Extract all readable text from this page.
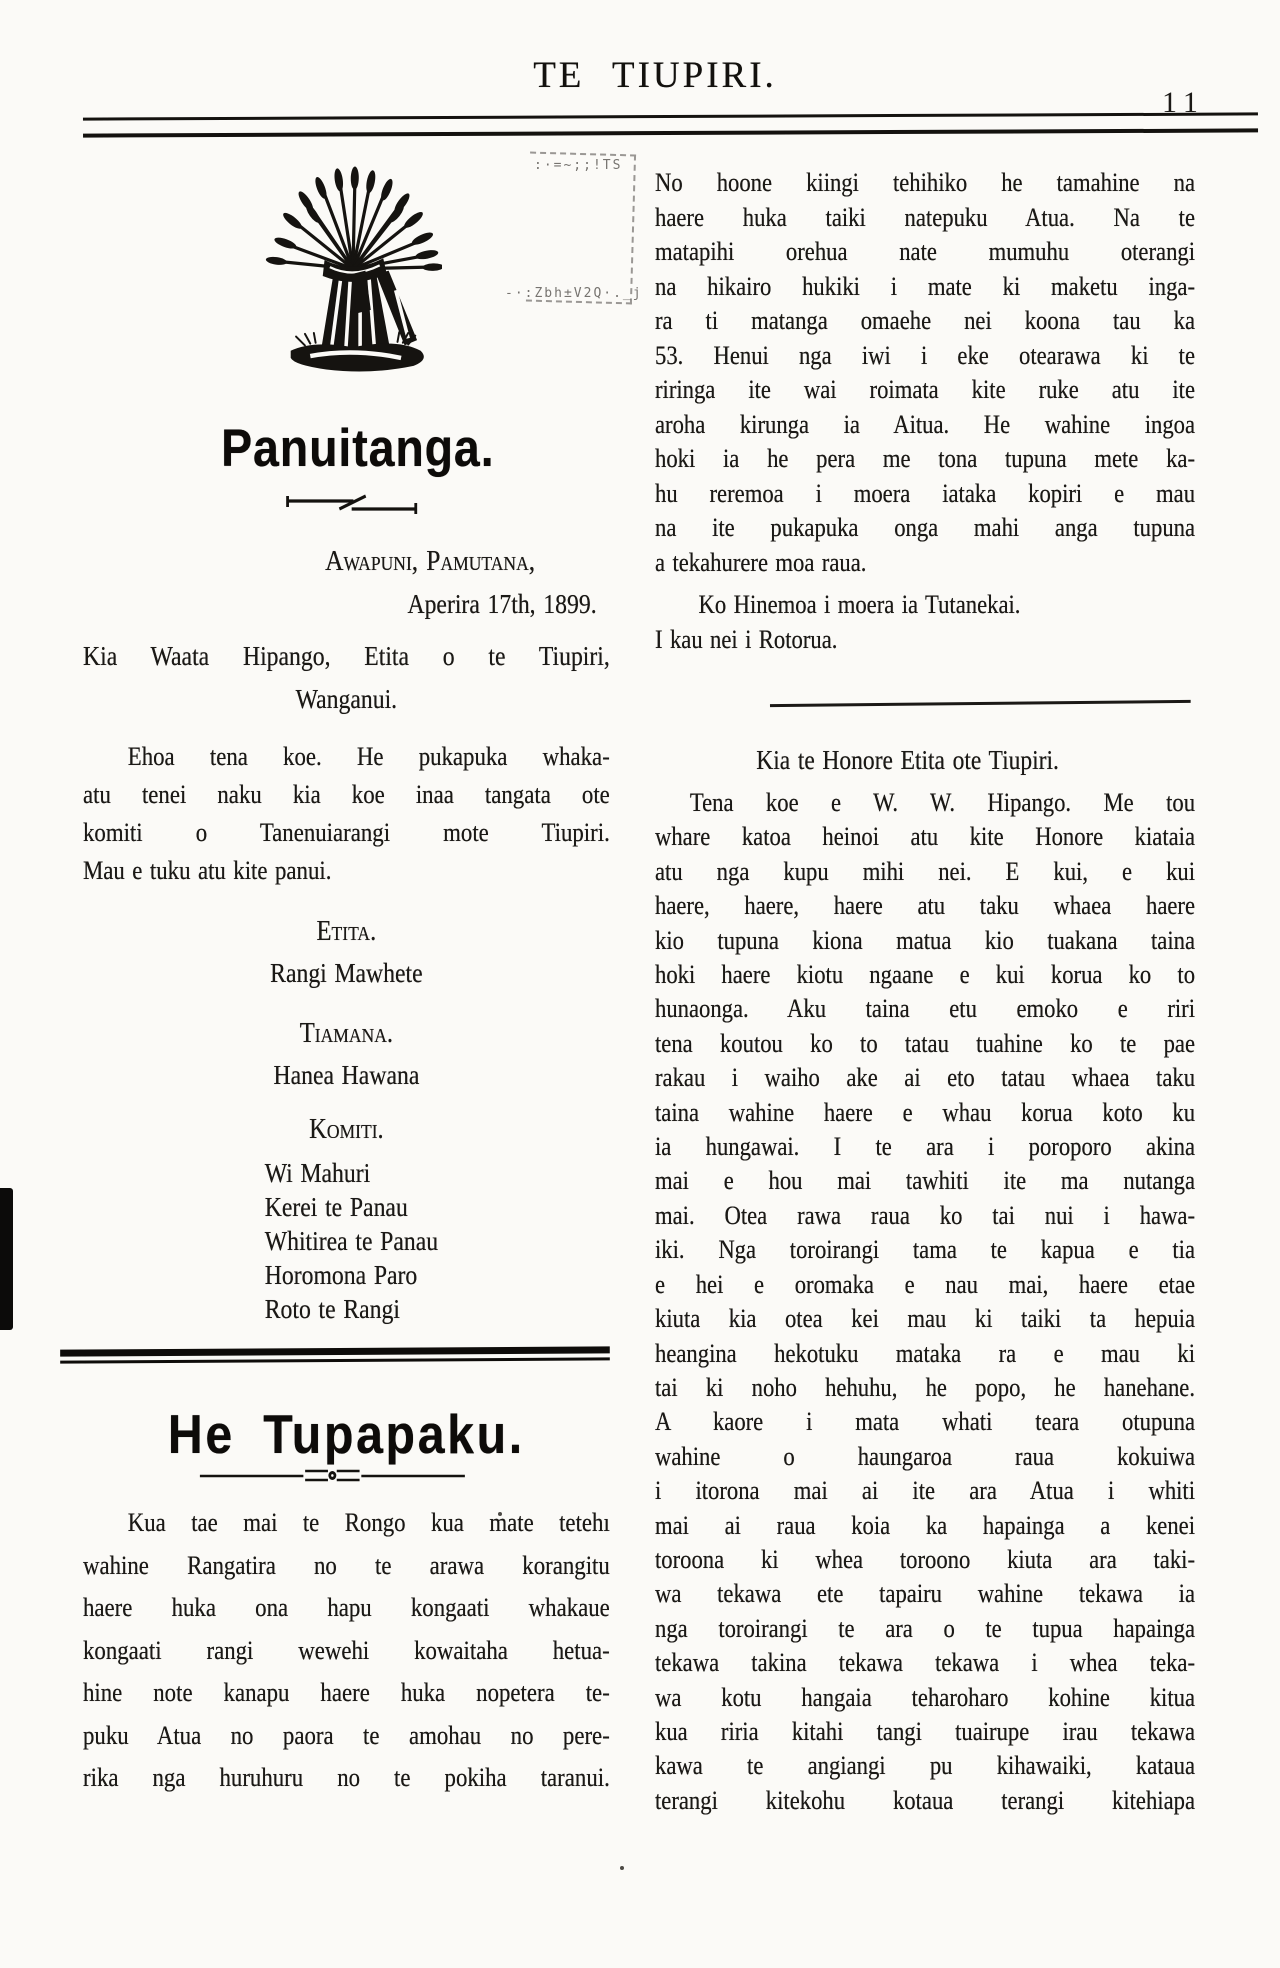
TE TIUPIRI.
11
:·=~;;!TS
-·:Zbh±V2Q·._j
Panuitanga.
Awapuni, Pamutana,
Aperira 17th, 1899.
Kia Waata Hipango, Etita o te Tiupiri,
Wanganui.
Ehoa tena koe. He pukapuka whaka-
atu tenei naku kia koe inaa tangata ote
komiti o Tanenuiarangi mote Tiupiri.
Mau e tuku atu kite panui.
Etita.
Rangi Mawhete
Tiamana.
Hanea Hawana
Komiti.
Wi Mahuri
Kerei te Panau
Whitirea te Panau
Horomona Paro
Roto te Rangi
He Tupapaku.
Kua tae mai te Rongo kua mate tetehı
wahine Rangatira no te arawa korangitu
haere huka ona hapu kongaati whakaue
kongaati rangi wewehi kowaitaha hetua-
hine note kanapu haere huka nopetera te-
puku Atua no paora te amohau no pere-
rika nga huruhuru no te pokiha taranui.
No hoone kiingi tehihiko he tamahine na
haere huka taiki natepuku Atua. Na te
matapihi orehua nate mumuhu oterangi
na hikairo hukiki i mate ki maketu inga-
ra ti matanga omaehe nei koona tau ka
53. Henui nga iwi i eke otearawa ki te
riringa ite wai roimata kite ruke atu ite
aroha kirunga ia Aitua. He wahine ingoa
hoki ia he pera me tona tupuna mete ka-
hu reremoa i moera iataka kopiri e mau
na ite pukapuka onga mahi anga tupuna
a tekahurere moa raua.
Ko Hinemoa i moera ia Tutanekai.
I kau nei i Rotorua.
Kia te Honore Etita ote Tiupiri.
Tena koe e W. W. Hipango. Me tou
whare katoa heinoi atu kite Honore kiataia
atu nga kupu mihi nei. E kui, e kui
haere, haere, haere atu taku whaea haere
kio tupuna kiona matua kio tuakana taina
hoki haere kiotu ngaane e kui korua ko to
hunaonga. Aku taina etu emoko e riri
tena koutou ko to tatau tuahine ko te pae
rakau i waiho ake ai eto tatau whaea taku
taina wahine haere e whau korua koto ku
ia hungawai. I te ara i poroporo akina
mai e hou mai tawhiti ite ma nutanga
mai. Otea rawa raua ko tai nui i hawa-
iki. Nga toroirangi tama te kapua e tia
e hei e oromaka e nau mai, haere etae
kiuta kia otea kei mau ki taiki ta hepuia
heangina hekotuku mataka ra e mau ki
tai ki noho hehuhu, he popo, he hanehane.
A kaore i mata whati teara otupuna
wahine o haungaroa raua kokuiwa
i itorona mai ai ite ara Atua i whiti
mai ai raua koia ka hapainga a kenei
toroona ki whea toroono kiuta ara taki-
wa tekawa ete tapairu wahine tekawa ia
nga toroirangi te ara o te tupua hapainga
tekawa takina tekawa tekawa i whea teka-
wa kotu hangaia teharoharo kohine kitua
kua riria kitahi tangi tuairupe irau tekawa
kawa te angiangi pu kihawaiki, kataua
terangi kitekohu kotaua terangi kitehiapa
